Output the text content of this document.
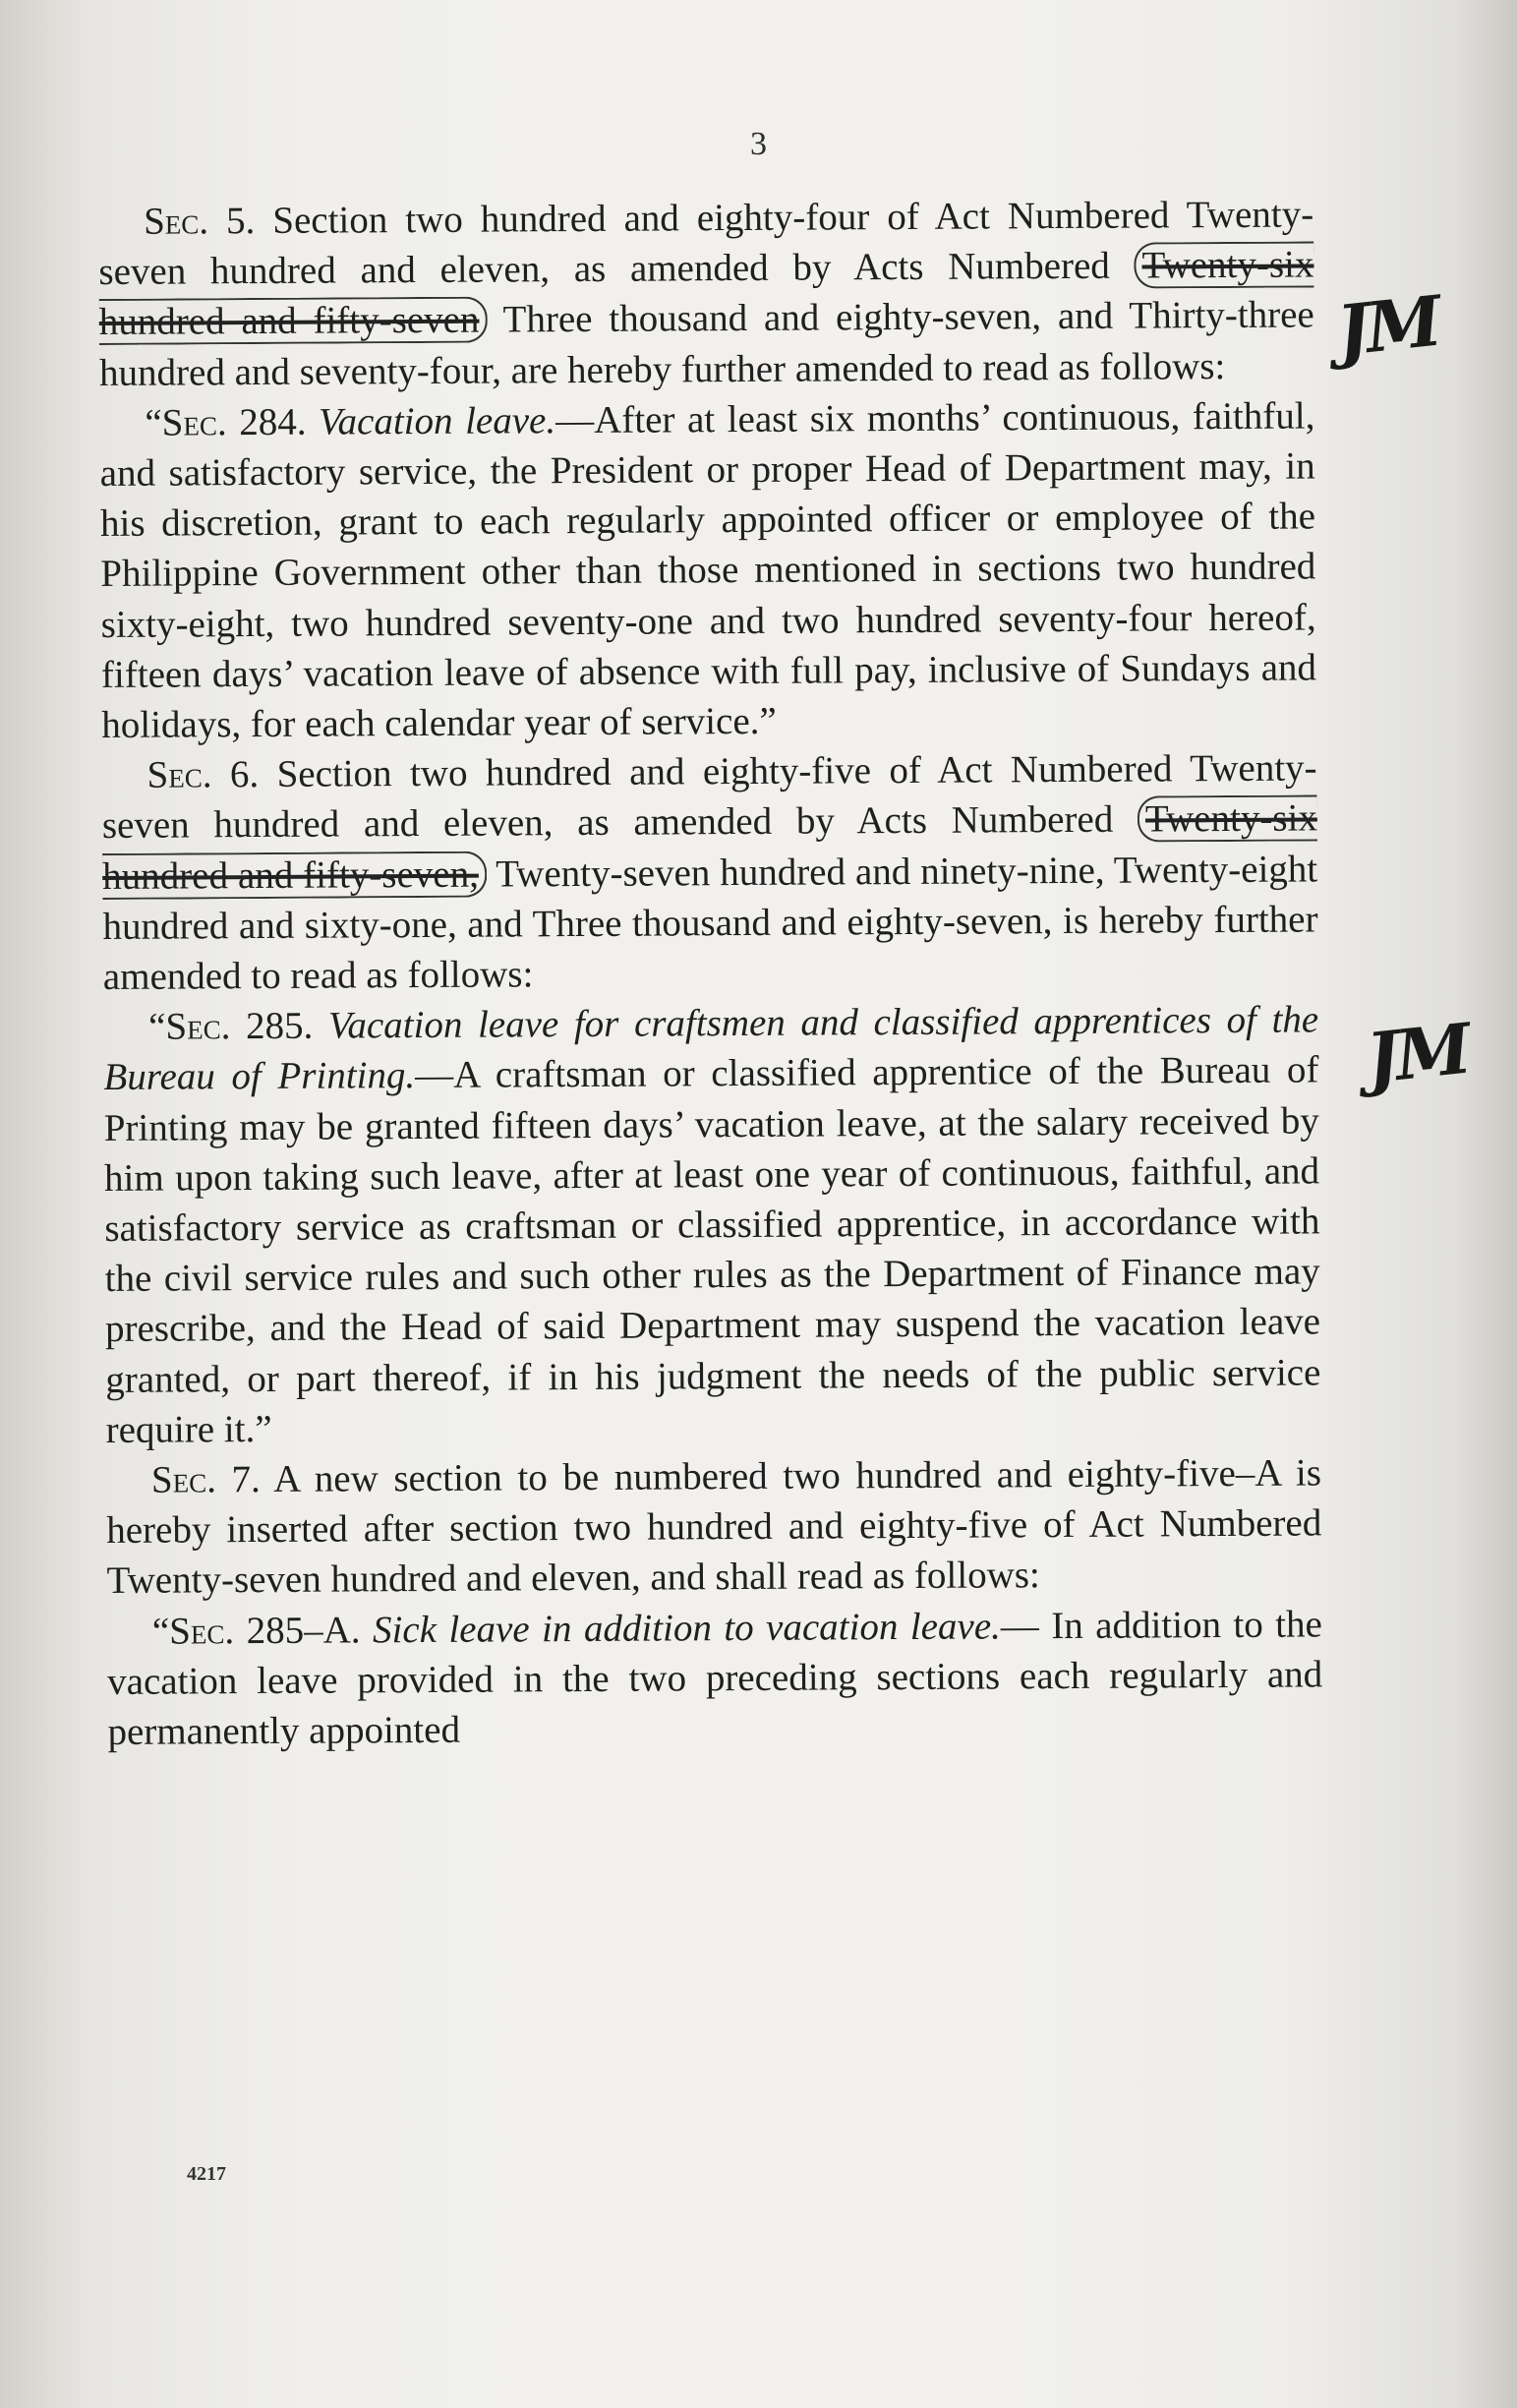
3

Sec. 5. Section two hundred and eighty-four of Act Numbered Twenty-seven hundred and eleven, as amended by Acts Numbered Twenty-six hundred and fifty-seven Three thousand and eighty-seven, and Thirty-three hundred and seventy-four, are hereby further amended to read as follows:

“Sec. 284. Vacation leave.—After at least six months’ continuous, faithful, and satisfactory service, the President or proper Head of Department may, in his discretion, grant to each regularly appointed officer or employee of the Philippine Government other than those mentioned in sections two hundred sixty-eight, two hundred seventy-one and two hundred seventy-four hereof, fifteen days’ vacation leave of absence with full pay, inclusive of Sundays and holidays, for each calendar year of service.”

Sec. 6. Section two hundred and eighty-five of Act Numbered Twenty-seven hundred and eleven, as amended by Acts Numbered Twenty-six hundred and fifty-seven, Twenty-seven hundred and ninety-nine, Twenty-eight hundred and sixty-one, and Three thousand and eighty-seven, is hereby further amended to read as follows:

“Sec. 285. Vacation leave for craftsmen and classified apprentices of the Bureau of Printing.—A craftsman or classified apprentice of the Bureau of Printing may be granted fifteen days’ vacation leave, at the salary received by him upon taking such leave, after at least one year of continuous, faithful, and satisfactory service as craftsman or classified apprentice, in accordance with the civil service rules and such other rules as the Department of Finance may prescribe, and the Head of said Department may suspend the vacation leave granted, or part thereof, if in his judgment the needs of the public service require it.”

Sec. 7. A new section to be numbered two hundred and eighty-five–A is hereby inserted after section two hundred and eighty-five of Act Numbered Twenty-seven hundred and eleven, and shall read as follows:

“Sec. 285–A. Sick leave in addition to vacation leave.— In addition to the vacation leave provided in the two preceding sections each regularly and permanently appointed

JM
JM
4217
